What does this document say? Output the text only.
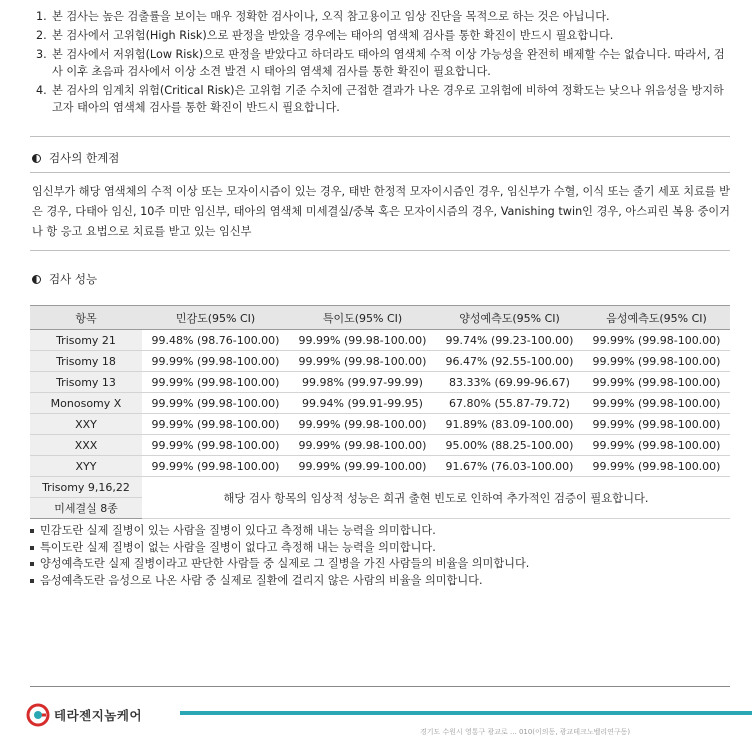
1. 본 검사는 높은 검출률을 보이는 매우 정확한 검사이나, 오직 참고용이고 임상 진단을 목적으로 하는 것은 아닙니다.
2. 본 검사에서 고위험(High Risk)으로 판정을 받았을 경우에는 태아의 염색체 검사를 통한 확진이 반드시 필요합니다.
3. 본 검사에서 저위험(Low Risk)으로 판정을 받았다고 하더라도 태아의 염색체 수적 이상 가능성을 완전히 배제할 수는 없습니다. 따라서, 검사 이후 초음파 검사에서 이상 소견 발견 시 태아의 염색체 검사를 통한 확진이 필요합니다.
4. 본 검사의 임계치 위험(Critical Risk)은 고위험 기준 수치에 근접한 결과가 나온 경우로 고위험에 비하여 정확도는 낮으나 위음성을 방지하고자 태아의 염색체 검사를 통한 확진이 반드시 필요합니다.
검사의 한계점
임신부가 해당 염색체의 수적 이상 또는 모자이시즘이 있는 경우, 태반 한정적 모자이시즘인 경우, 임신부가 수혈, 이식 또는 줄기 세포 치료를 받은 경우, 다태아 임신, 10주 미만 임신부, 태아의 염색체 미세결실/중복 혹은 모자이시즘의 경우, Vanishing twin인 경우, 아스피린 복용 중이거나 항 응고 요법으로 치료를 받고 있는 임신부
검사 성능
항목	민감도(95% CI)	특이도(95% CI)	양성예측도(95% CI)	음성예측도(95% CI)
Trisomy 21	99.48% (98.76-100.00)	99.99% (99.98-100.00)	99.74% (99.23-100.00)	99.99% (99.98-100.00)
Trisomy 18	99.99% (99.98-100.00)	99.99% (99.98-100.00)	96.47% (92.55-100.00)	99.99% (99.98-100.00)
Trisomy 13	99.99% (99.98-100.00)	99.98% (99.97-99.99)	83.33% (69.99-96.67)	99.99% (99.98-100.00)
Monosomy X	99.99% (99.98-100.00)	99.94% (99.91-99.95)	67.80% (55.87-79.72)	99.99% (99.98-100.00)
XXY	99.99% (99.98-100.00)	99.99% (99.98-100.00)	91.89% (83.09-100.00)	99.99% (99.98-100.00)
XXX	99.99% (99.98-100.00)	99.99% (99.98-100.00)	95.00% (88.25-100.00)	99.99% (99.98-100.00)
XYY	99.99% (99.98-100.00)	99.99% (99.99-100.00)	91.67% (76.03-100.00)	99.99% (99.98-100.00)
Trisomy 9,16,22	해당 검사 항목의 임상적 성능은 희귀 출현 빈도로 인하여 추가적인 검증이 필요합니다.			
미세결실 8종				
민감도란 실제 질병이 있는 사람을 질병이 있다고 측정해 내는 능력을 의미합니다.
특이도란 실제 질병이 없는 사람을 질병이 없다고 측정해 내는 능력을 의미합니다.
양성예측도란 실제 질병이라고 판단한 사람들 중 실제로 그 질병을 가진 사람들의 비율을 의미합니다.
음성예측도란 음성으로 나온 사람 중 실제로 질환에 걸리지 않은 사람의 비율을 의미합니다.
테라젠지놈케어
경기도 수원시 영통구 광교로 ... 010(이의동, 광교테크노벨리연구동)
